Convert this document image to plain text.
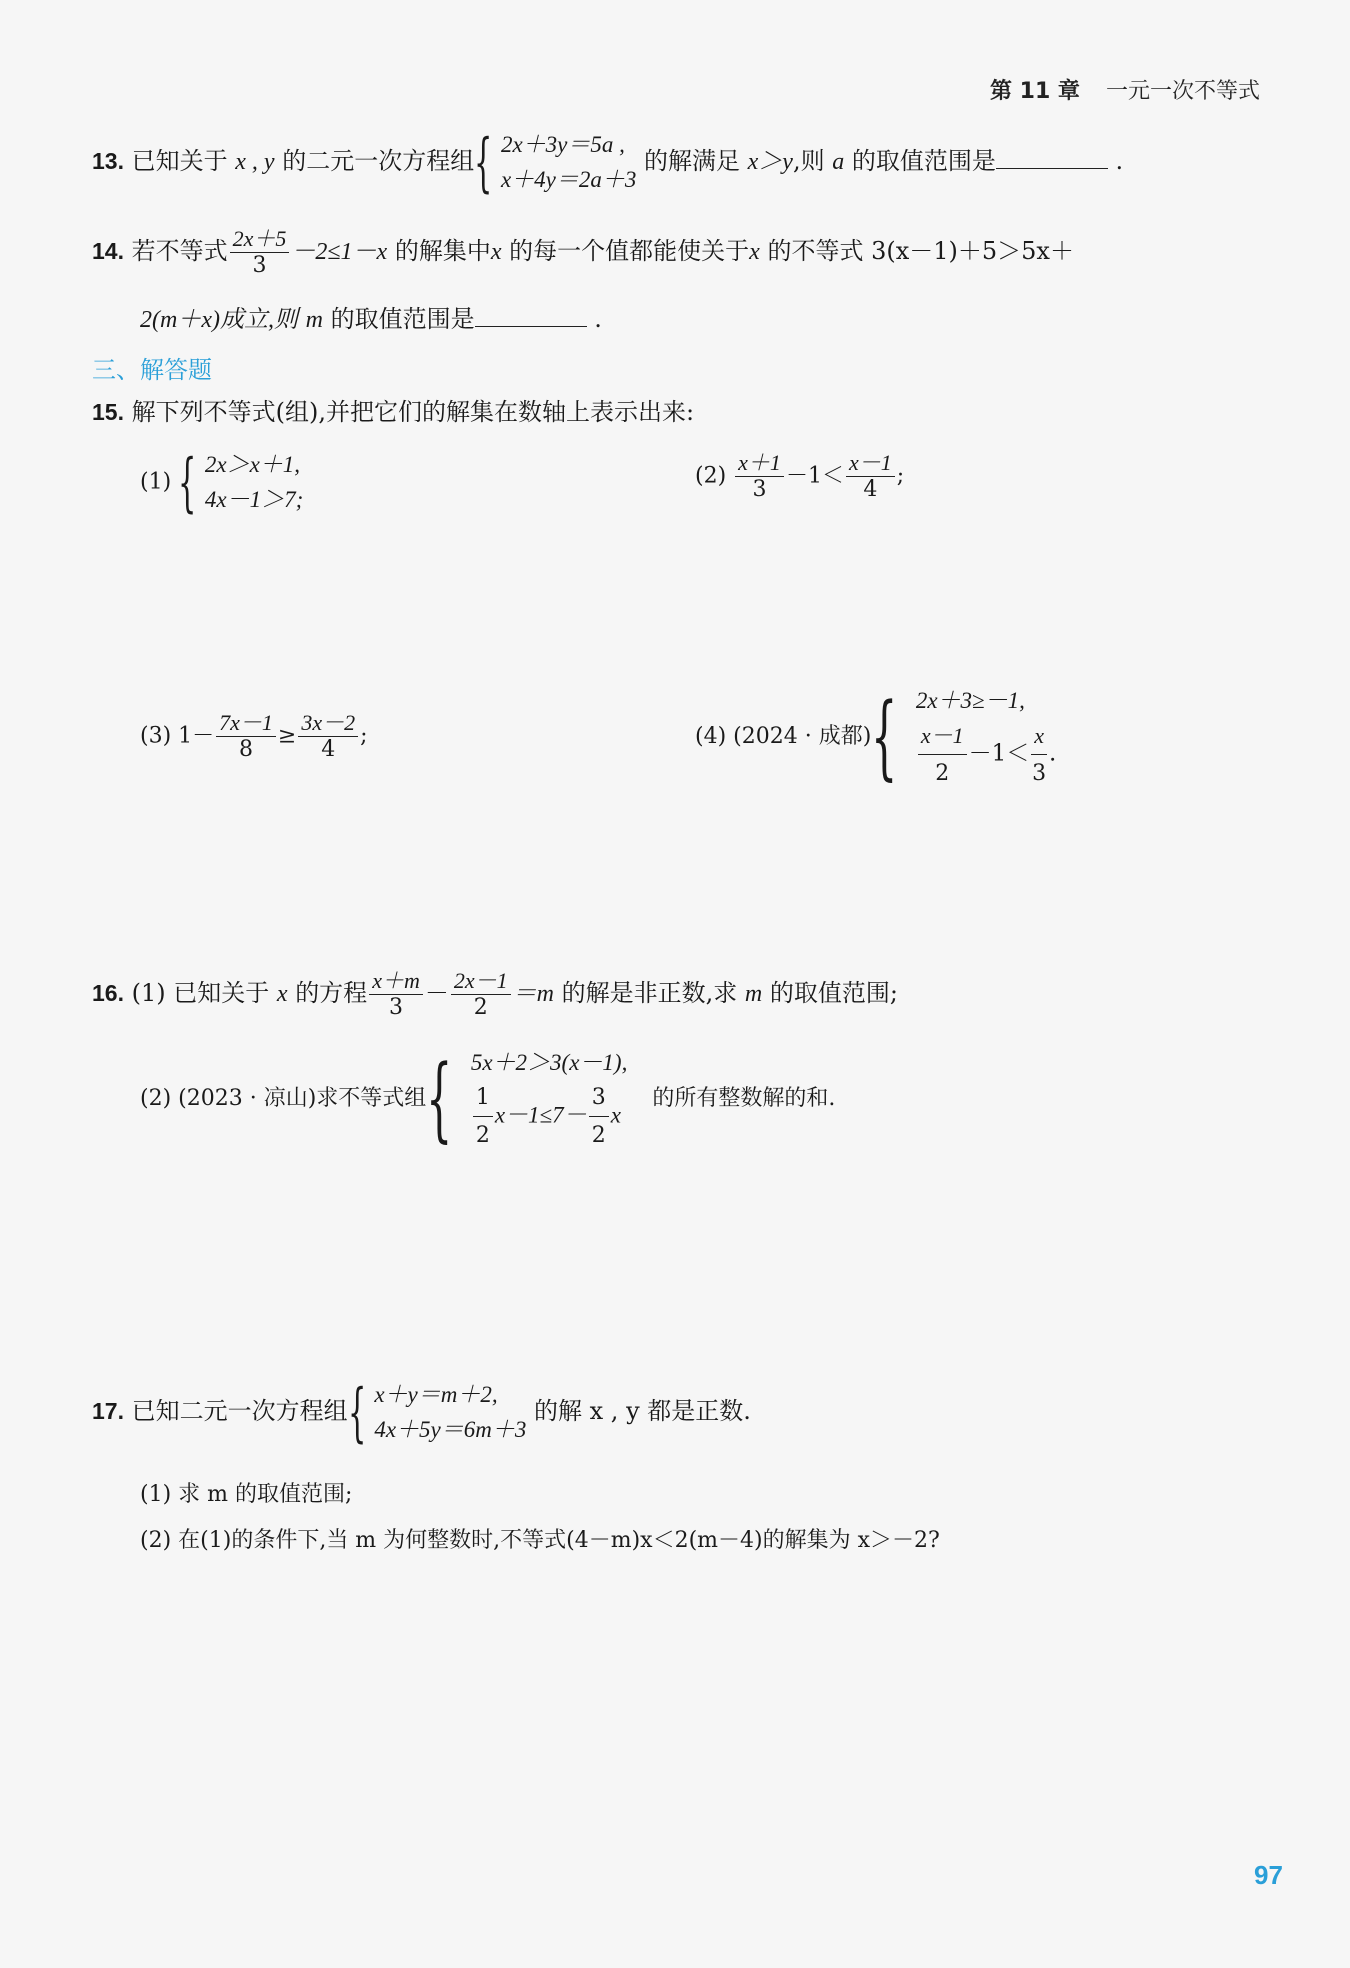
第 11 章 一元一次不等式
13. 已知关于 x , y 的二元一次方程组{ 2x＋3y＝5a ,
x＋4y＝2a＋3
的解满足 x＞y,则 a 的取值范围是	.
14. 若不等式 $\frac{2x+5}{3} -2\le 1-x$ 的解集中x 的每一个值都能使关于x 的不等式 3(x－1)＋5＞5x＋
2(m＋x)成立,则 m 的取值范围是	.
三、解答题
15. 解下列不等式(组),并把它们的解集在数轴上表示出来:
(1) { 2x＞x＋1,
4x－1＞7;
$(2) \frac{x+1}{3} -1< \frac{x-1}{4}$ ;
(3) $1- \frac{7x-1}{8} \ge \frac{3x-2}{4}$ ;	(4) (2024 · 成都){ 2x＋3≥－1,
$\frac{x-1}{2} -1< \frac{x}{3}$ .
16. (1) 已知关于 x 的方程 $\frac{x+m}{3} - \frac{2x-1}{2} =m$ 的解是非正数,求 m 的取值范围;
(2) (2023 · 凉山)求不等式组{ 5x＋2＞3(x－1),
$\frac{1}{2} x-1\le 7- \frac{3}{2}$ x
的所有整数解的和.
17. 已知二元一次方程组{ x＋y＝m＋2,
4x＋5y＝6m＋3
的解 x , y 都是正数.
(1) 求 m 的取值范围;
(2) 在(1)的条件下,当 m 为何整数时,不等式(4－m)x＜2(m－4)的解集为 x＞－2?
97
